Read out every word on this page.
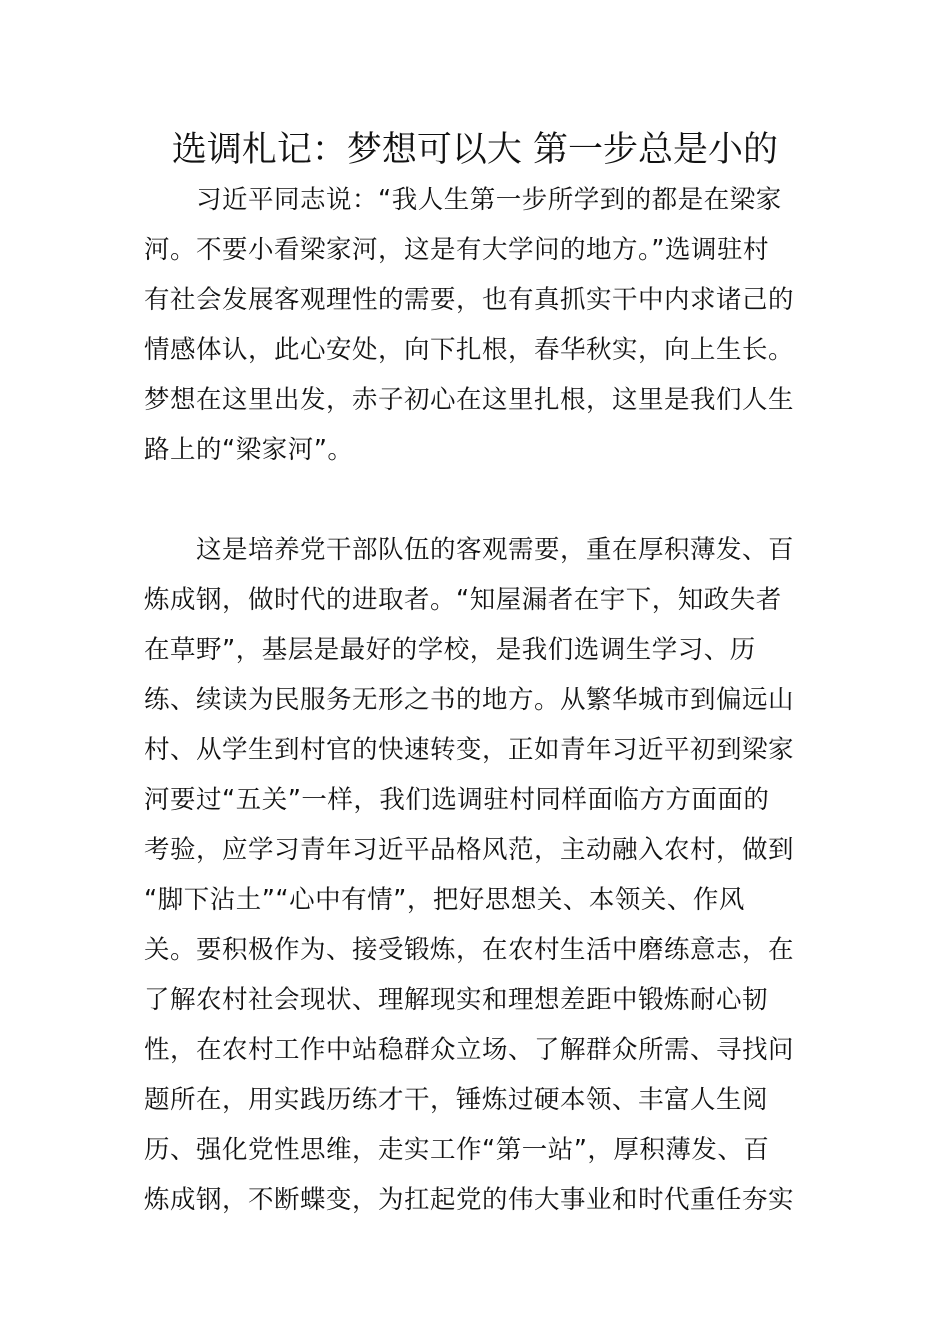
选调札记：梦想可以大 第一步总是小的
习近平同志说：“我人生第一步所学到的都是在梁家
河。不要小看梁家河，这是有大学问的地方。”选调驻村
有社会发展客观理性的需要，也有真抓实干中内求诸己的
情感体认，此心安处，向下扎根，春华秋实，向上生长。
梦想在这里出发，赤子初心在这里扎根，这里是我们人生
路上的“梁家河”。
这是培养党干部队伍的客观需要，重在厚积薄发、百
炼成钢，做时代的进取者。“知屋漏者在宇下，知政失者
在草野”，基层是最好的学校，是我们选调生学习、历
练、续读为民服务无形之书的地方。从繁华城市到偏远山
村、从学生到村官的快速转变，正如青年习近平初到梁家
河要过“五关”一样，我们选调驻村同样面临方方面面的
考验，应学习青年习近平品格风范，主动融入农村，做到
“脚下沾土”“心中有情”，把好思想关、本领关、作风
关。要积极作为、接受锻炼，在农村生活中磨练意志，在
了解农村社会现状、理解现实和理想差距中锻炼耐心韧
性，在农村工作中站稳群众立场、了解群众所需、寻找问
题所在，用实践历练才干，锤炼过硬本领、丰富人生阅
历、强化党性思维，走实工作“第一站”，厚积薄发、百
炼成钢，不断蝶变，为扛起党的伟大事业和时代重任夯实
